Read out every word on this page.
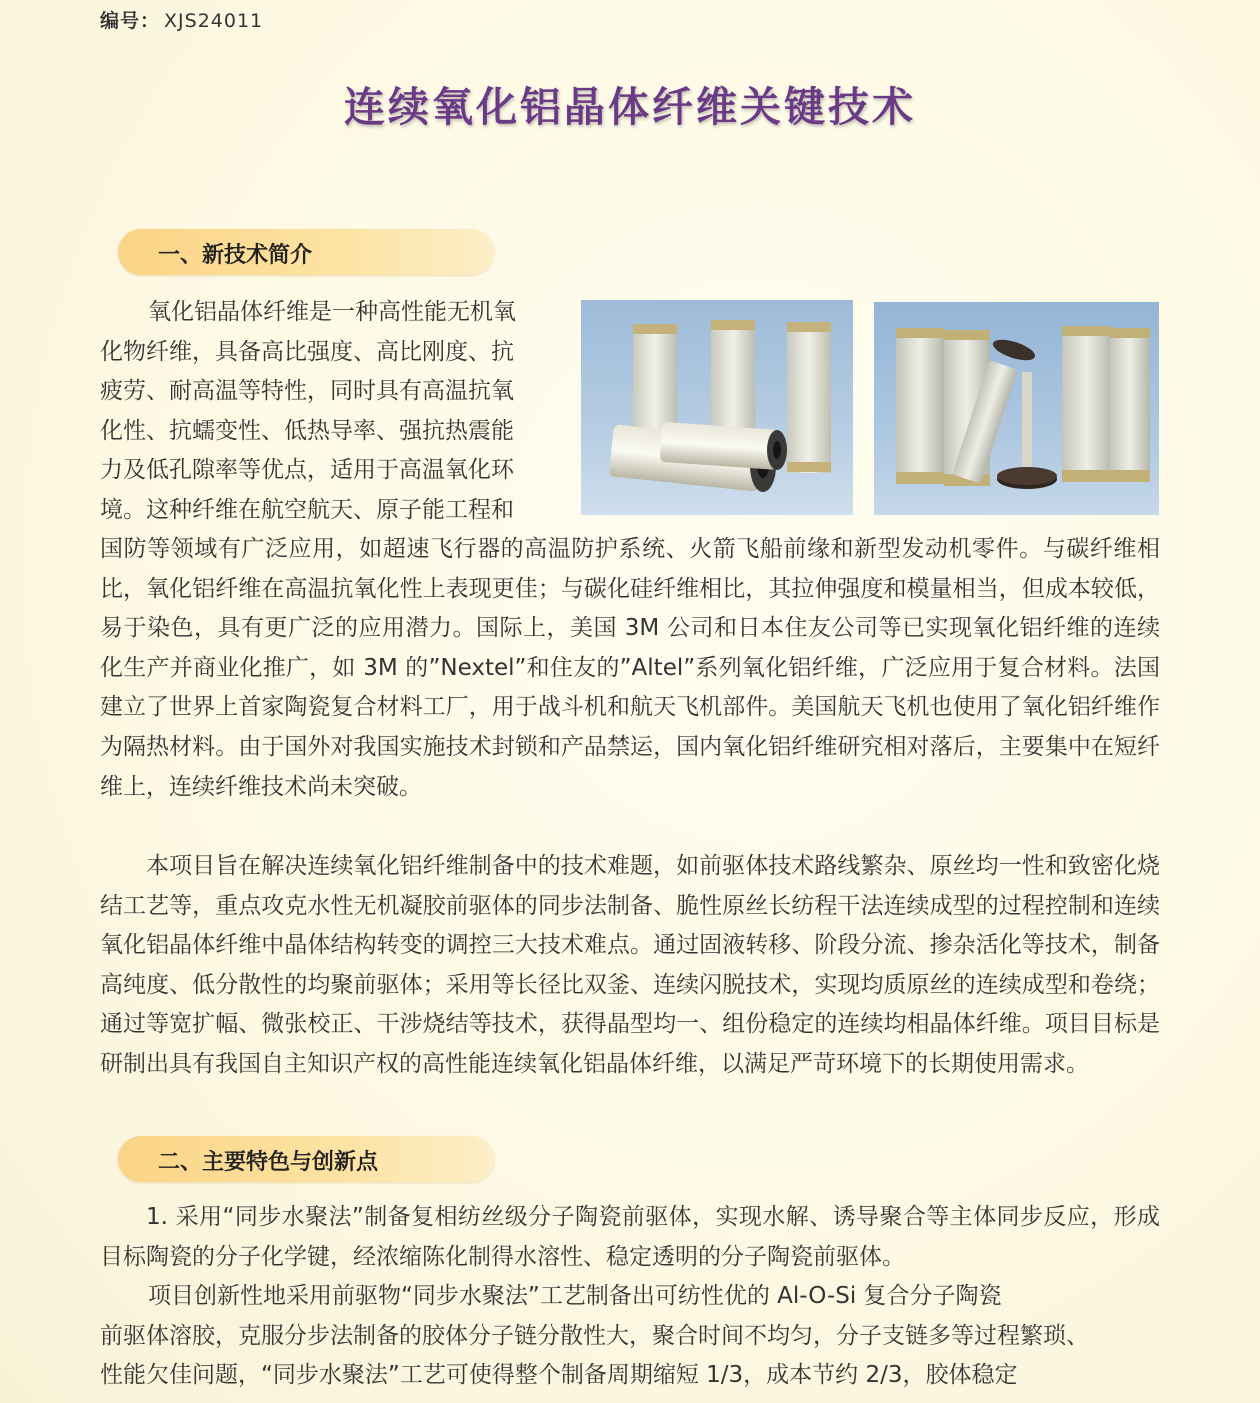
编号： XJS24011
连续氧化铝晶体纤维关键技术
一、新技术简介
氧化铝晶体纤维是一种高性能无机氧
化物纤维，具备高比强度、高比刚度、抗
疲劳、耐高温等特性，同时具有高温抗氧
化性、抗蠕变性、低热导率、强抗热震能
力及低孔隙率等优点，适用于高温氧化环
境。这种纤维在航空航天、原子能工程和
国防等领域有广泛应用，如超速飞行器的高温防护系统、火箭飞船前缘和新型发动机零件。与碳纤维相比，氧化铝纤维在高温抗氧化性上表现更佳；与碳化硅纤维相比，其拉伸强度和模量相当，但成本较低，易于染色，具有更广泛的应用潜力。国际上，美国 3M 公司和日本住友公司等已实现氧化铝纤维的连续化生产并商业化推广，如 3M 的”Nextel”和住友的”Altel”系列氧化铝纤维，广泛应用于复合材料。法国建立了世界上首家陶瓷复合材料工厂，用于战斗机和航天飞机部件。美国航天飞机也使用了氧化铝纤维作为隔热材料。由于国外对我国实施技术封锁和产品禁运，国内氧化铝纤维研究相对落后，主要集中在短纤维上，连续纤维技术尚未突破。
本项目旨在解决连续氧化铝纤维制备中的技术难题，如前驱体技术路线繁杂、原丝均一性和致密化烧结工艺等，重点攻克水性无机凝胶前驱体的同步法制备、脆性原丝长纺程干法连续成型的过程控制和连续氧化铝晶体纤维中晶体结构转变的调控三大技术难点。通过固液转移、阶段分流、掺杂活化等技术，制备高纯度、低分散性的均聚前驱体；采用等长径比双釜、连续闪脱技术，实现均质原丝的连续成型和卷绕；通过等宽扩幅、微张校正、干涉烧结等技术，获得晶型均一、组份稳定的连续均相晶体纤维。项目目标是研制出具有我国自主知识产权的高性能连续氧化铝晶体纤维，以满足严苛环境下的长期使用需求。
二、主要特色与创新点
1. 采用“同步水聚法”制备复相纺丝级分子陶瓷前驱体，实现水解、诱导聚合等主体同步反应，形成目标陶瓷的分子化学键，经浓缩陈化制得水溶性、稳定透明的分子陶瓷前驱体。
项目创新性地采用前驱物“同步水聚法”工艺制备出可纺性优的 Al-O-Si 复合分子陶瓷
前驱体溶胶，克服分步法制备的胶体分子链分散性大，聚合时间不均匀，分子支链多等过程繁琐、
性能欠佳问题，“同步水聚法”工艺可使得整个制备周期缩短 1/3，成本节约 2/3，胶体稳定
